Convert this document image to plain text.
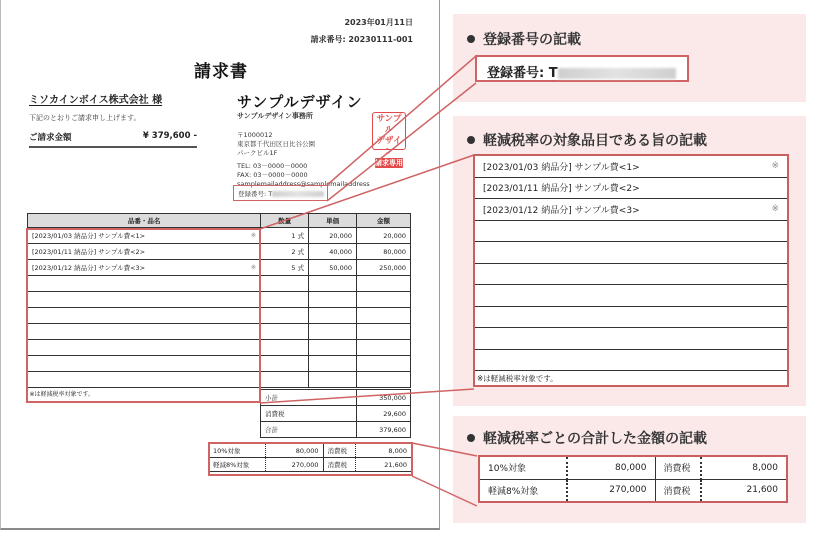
2023年01月11日
請求番号: 20230111-001
請求書
ミソカインボイス株式会社 様
下記のとおりご請求申し上げます。
ご請求金額	¥ 379,600 -
サンプルデザイン
サンプルデザイン事務所
〒1000012
東京都千代田区日比谷公園
パークビル1F
TEL: 03－0000－0000
FAX: 03－0000－0000
samplemailaddress@samplemailaddress
登録番号: T
サンプル
デザイン
請求専用
品番・品名	数量	単価	金額
[2023/01/03 納品分] サンプル費<1> ※	1 式	20,000	20,000
[2023/01/11 納品分] サンプル費<2>	2 式	40,000	80,000
[2023/01/12 納品分] サンプル費<3> ※	5 式	50,000	250,000

※は軽減税率対象です。				小計	350,000
消費税	29,600
合計	379,600
10%対象	80,000	消費税	8,000
軽減8%対象	270,000	消費税	21,600
登録番号の記載
登録番号: T
軽減税率の対象品目である旨の記載
[2023/01/03 納品分] サンプル費<1>	※
[2023/01/11 納品分] サンプル費<2>
[2023/01/12 納品分] サンプル費<3>	※
※は軽減税率対象です。
軽減税率ごとの合計した金額の記載
10%対象	80,000	消費税	8,000
軽減8%対象	270,000	消費税	21,600
